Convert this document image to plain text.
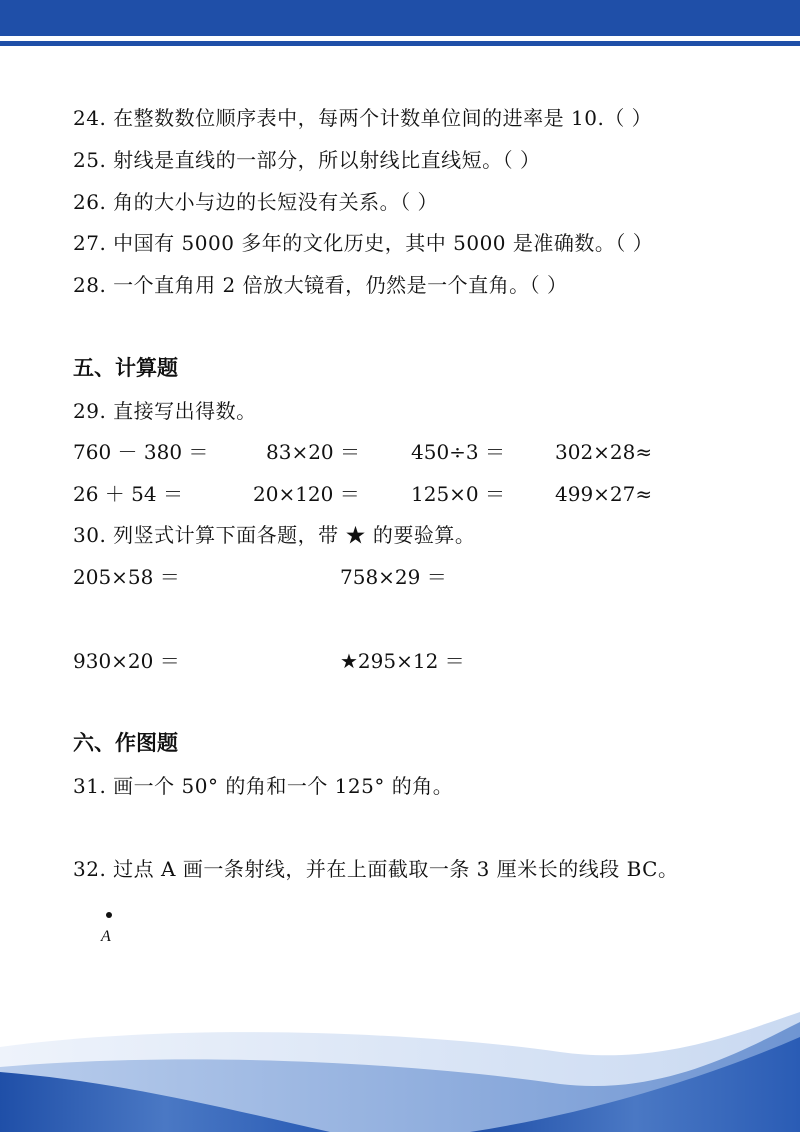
24. 在整数数位顺序表中，每两个计数单位间的进率是 10.（ ）
25. 射线是直线的一部分，所以射线比直线短。（ ）
26. 角的大小与边的长短没有关系。（ ）
27. 中国有 5000 多年的文化历史，其中 5000 是准确数。（ ）
28. 一个直角用 2 倍放大镜看，仍然是一个直角。（ ）
五、计算题
29. 直接写出得数。
760 － 380 ＝	83×20 ＝	450÷3 ＝ 302×28≈
26 ＋ 54 ＝	20×120 ＝	125×0 ＝ 499×27≈
30. 列竖式计算下面各题，带 ★ 的要验算。
205×58 ＝	758×29 ＝
930×20 ＝	★295×12 ＝
六、作图题
31. 画一个 50° 的角和一个 125° 的角。
32. 过点 A 画一条射线，并在上面截取一条 3 厘米长的线段 BC。
A
